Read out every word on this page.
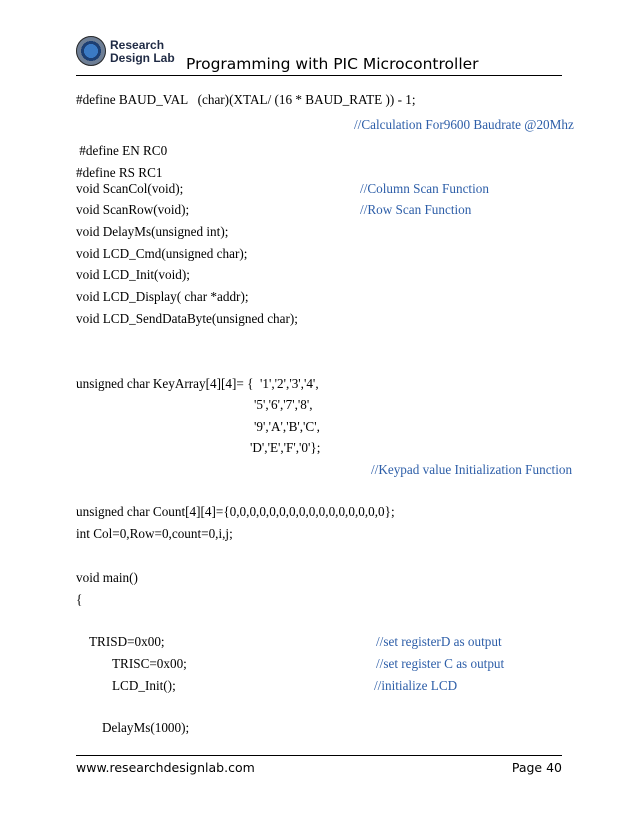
Research
Design Lab Programming with PIC Microcontroller
#define BAUD_VAL   (char)(XTAL/ (16 * BAUD_RATE )) - 1;
//Calculation For9600 Baudrate @20Mhz
#define EN RC0
#define RS RC1
void ScanCol(void);	//Column Scan Function
void ScanRow(void);	//Row Scan Function
void DelayMs(unsigned int);
void LCD_Cmd(unsigned char);
void LCD_Init(void);
void LCD_Display( char *addr);
void LCD_SendDataByte(unsigned char);
unsigned char KeyArray[4][4]= {  '1','2','3','4',
'5','6','7','8',
'9','A','B','C',
'D','E','F','0'};
//Keypad value Initialization Function
unsigned char Count[4][4]={0,0,0,0,0,0,0,0,0,0,0,0,0,0,0,0};
int Col=0,Row=0,count=0,i,j;
void main()
{
TRISD=0x00;	//set registerD as output
TRISC=0x00;	//set register C as output
LCD_Init();	//initialize LCD
DelayMs(1000);
www.researchdesignlab.com	Page 40
